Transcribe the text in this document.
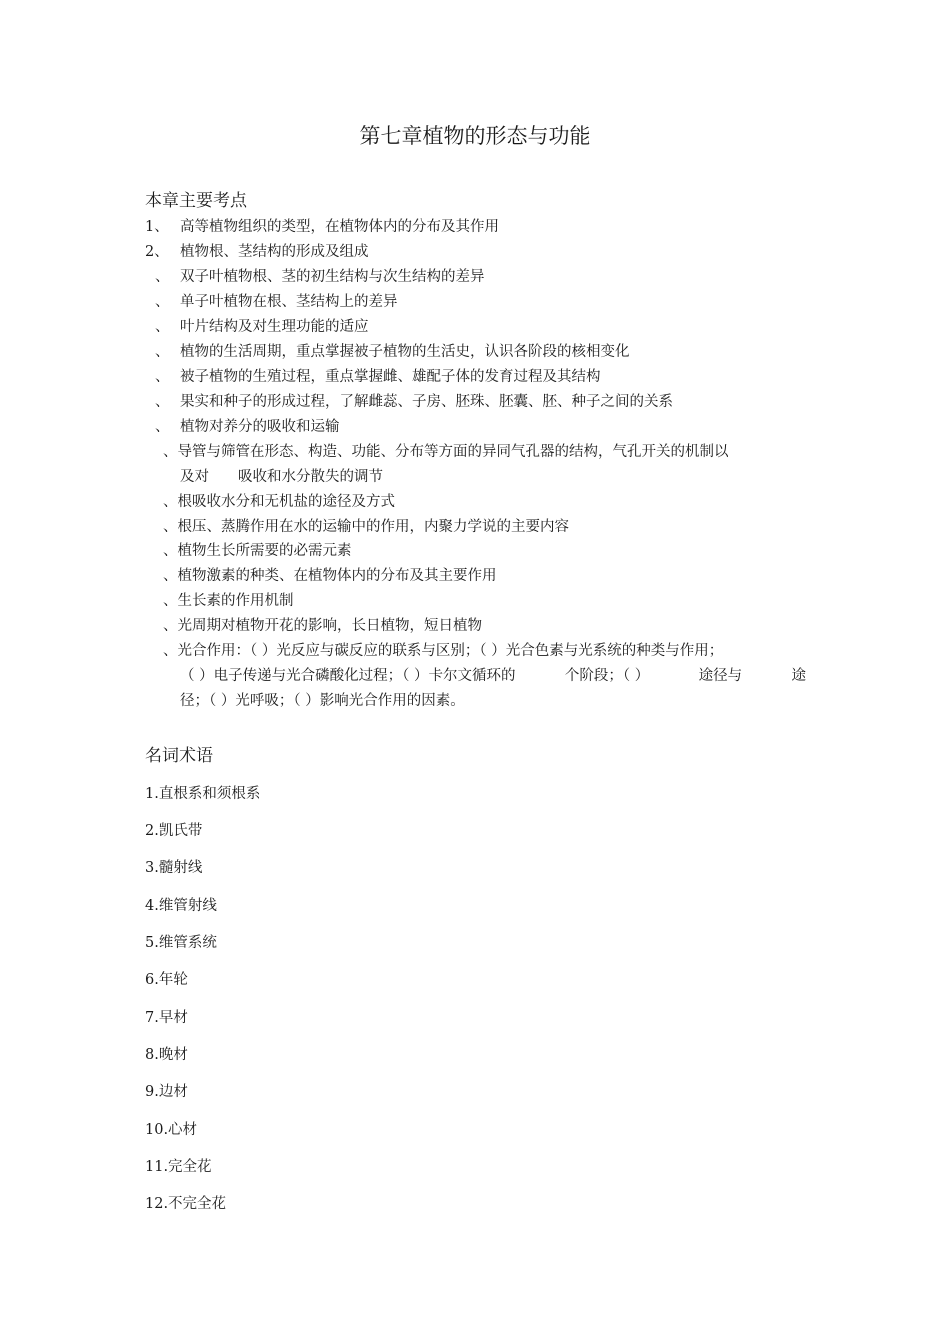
第七章植物的形态与功能
本章主要考点
1、 高等植物组织的类型，在植物体内的分布及其作用
2、 植物根、茎结构的形成及组成
、 双子叶植物根、茎的初生结构与次生结构的差异
、 单子叶植物在根、茎结构上的差异
、 叶片结构及对生理功能的适应
、 植物的生活周期，重点掌握被子植物的生活史，认识各阶段的核相变化
、 被子植物的生殖过程，重点掌握雌、雄配子体的发育过程及其结构
、 果实和种子的形成过程，了解雌蕊、子房、胚珠、胚囊、胚、种子之间的关系
、 植物对养分的吸收和运输
、导管与筛管在形态、构造、功能、分布等方面的异同气孔器的结构，气孔开关的机制以
及对　　吸收和水分散失的调节
、根吸收水分和无机盐的途径及方式
、根压、蒸腾作用在水的运输中的作用，内聚力学说的主要内容
、植物生长所需要的必需元素
、植物激素的种类、在植物体内的分布及其主要作用
、生长素的作用机制
、光周期对植物开花的影响，长日植物，短日植物
、光合作用：（ ）光反应与碳反应的联系与区别；（ ）光合色素与光系统的种类与作用；
（ ）电子传递与光合磷酸化过程；（ ）卡尔文循环的	个阶段；（ ）	途径与	途
径；（ ）光呼吸；（ ）影响光合作用的因素。
名词术语
1.直根系和须根系
2.凯氏带
3.髓射线
4.维管射线
5.维管系统
6.年轮
7.早材
8.晚材
9.边材
10.心材
11.完全花
12.不完全花
